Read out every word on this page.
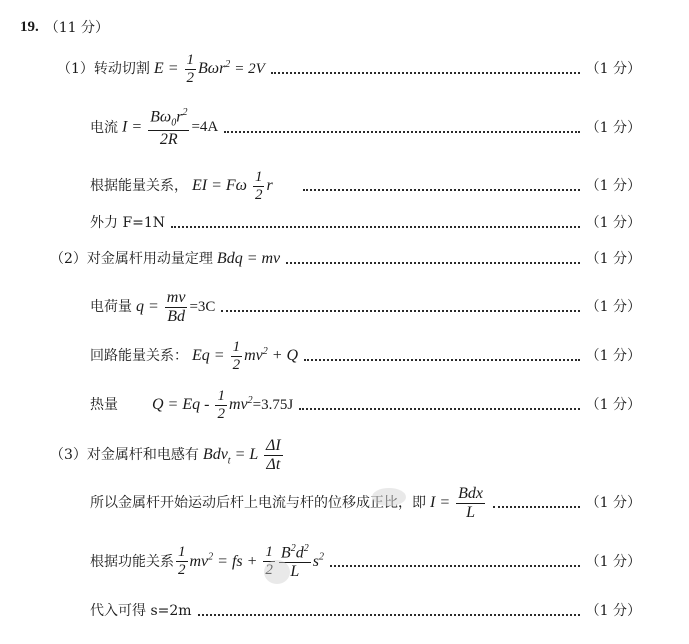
19. （11 分）
（1） 转动切割 $E = \frac{1}{2} B\omega r^2 = 2V$	（1 分）
电流 $I = \frac{B\omega_0r^2}{2R} =4A$	（1 分）
根据能量关系， EI = Fω $\frac{1}{2}$ r	（1 分）
外力 F=1N	（1 分）
（2） 对金属杆用动量定理 Bdq = mv	（1 分）
电荷量 $q = \frac{mv}{Bd} =3C$	（1 分）
回路能量关系： $Eq = \frac{1}{2} mv^2 + Q$	（1 分）
热量 $Q = Eq - \frac{1}{2} mv^2 =3.75J$	（1 分）
（3） 对金属杆和电感有 Bdv$_t$ = L $\frac{\Delta I}{\Delta t}$
所以金属杆开始运动后杆上电流与杆的位移成正比，即 $I = \frac{\text{Bdx}}{L}$	（1 分）
根据功能关系 $\frac{1}{2} mv^2$ = fs + $\frac{1}{2} \frac{B^2d^2}{L} s^2$	（1 分）
代入可得 s=2m	（1 分）
